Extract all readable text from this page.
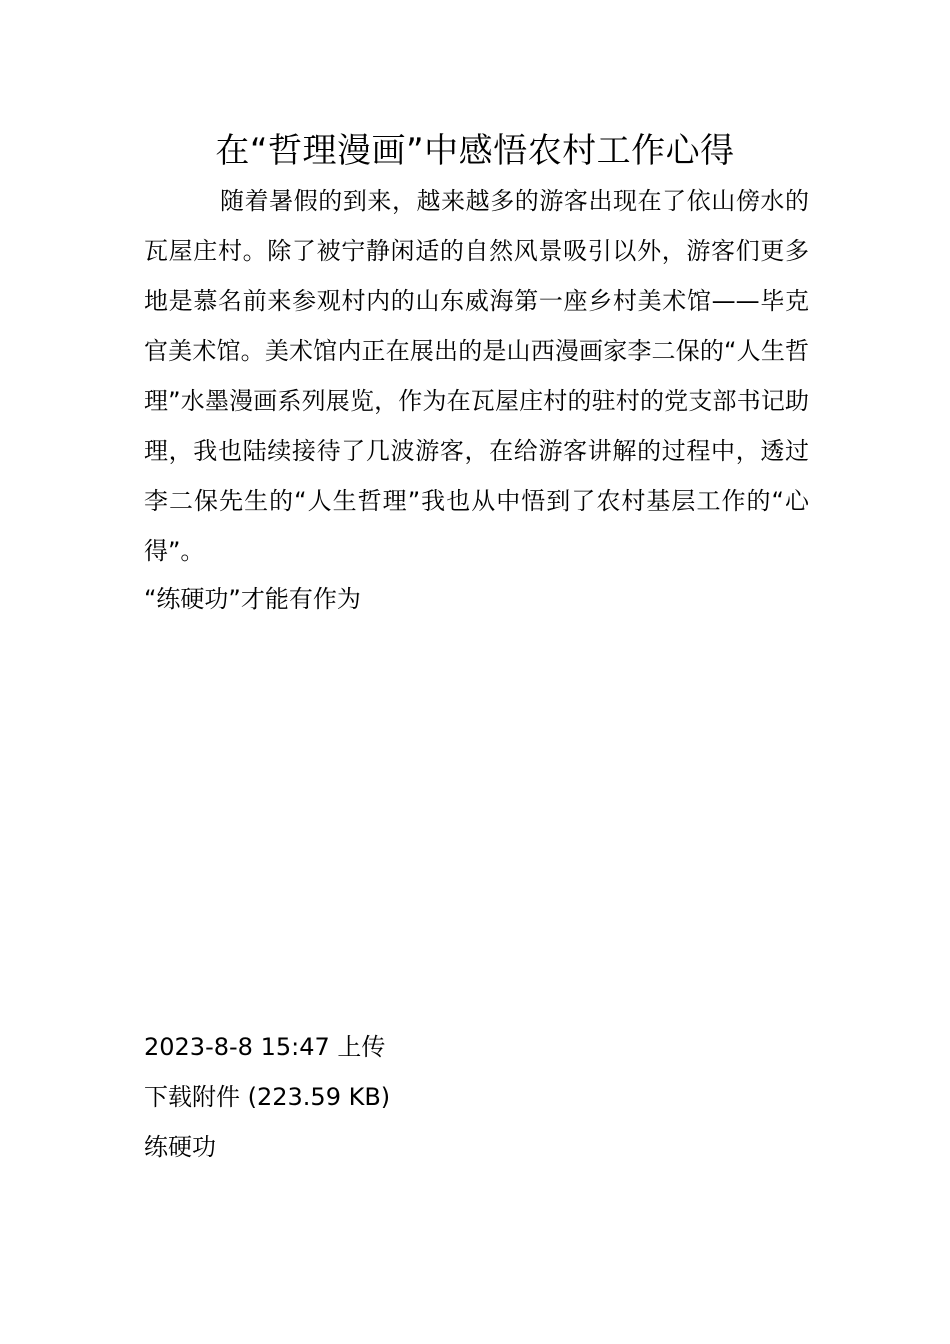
在“哲理漫画”中感悟农村工作心得

随着暑假的到来，越来越多的游客出现在了依山傍水的瓦屋庄村。除了被宁静闲适的自然风景吸引以外，游客们更多地是慕名前来参观村内的山东威海第一座乡村美术馆——毕克官美术馆。美术馆内正在展出的是山西漫画家李二保的“人生哲理”水墨漫画系列展览，作为在瓦屋庄村的驻村的党支部书记助理，我也陆续接待了几波游客，在给游客讲解的过程中，透过李二保先生的“人生哲理”我也从中悟到了农村基层工作的“心得”。

“练硬功”才能有作为

2023-8-8 15:47 上传
下载附件 (223.59 KB)
练硬功
